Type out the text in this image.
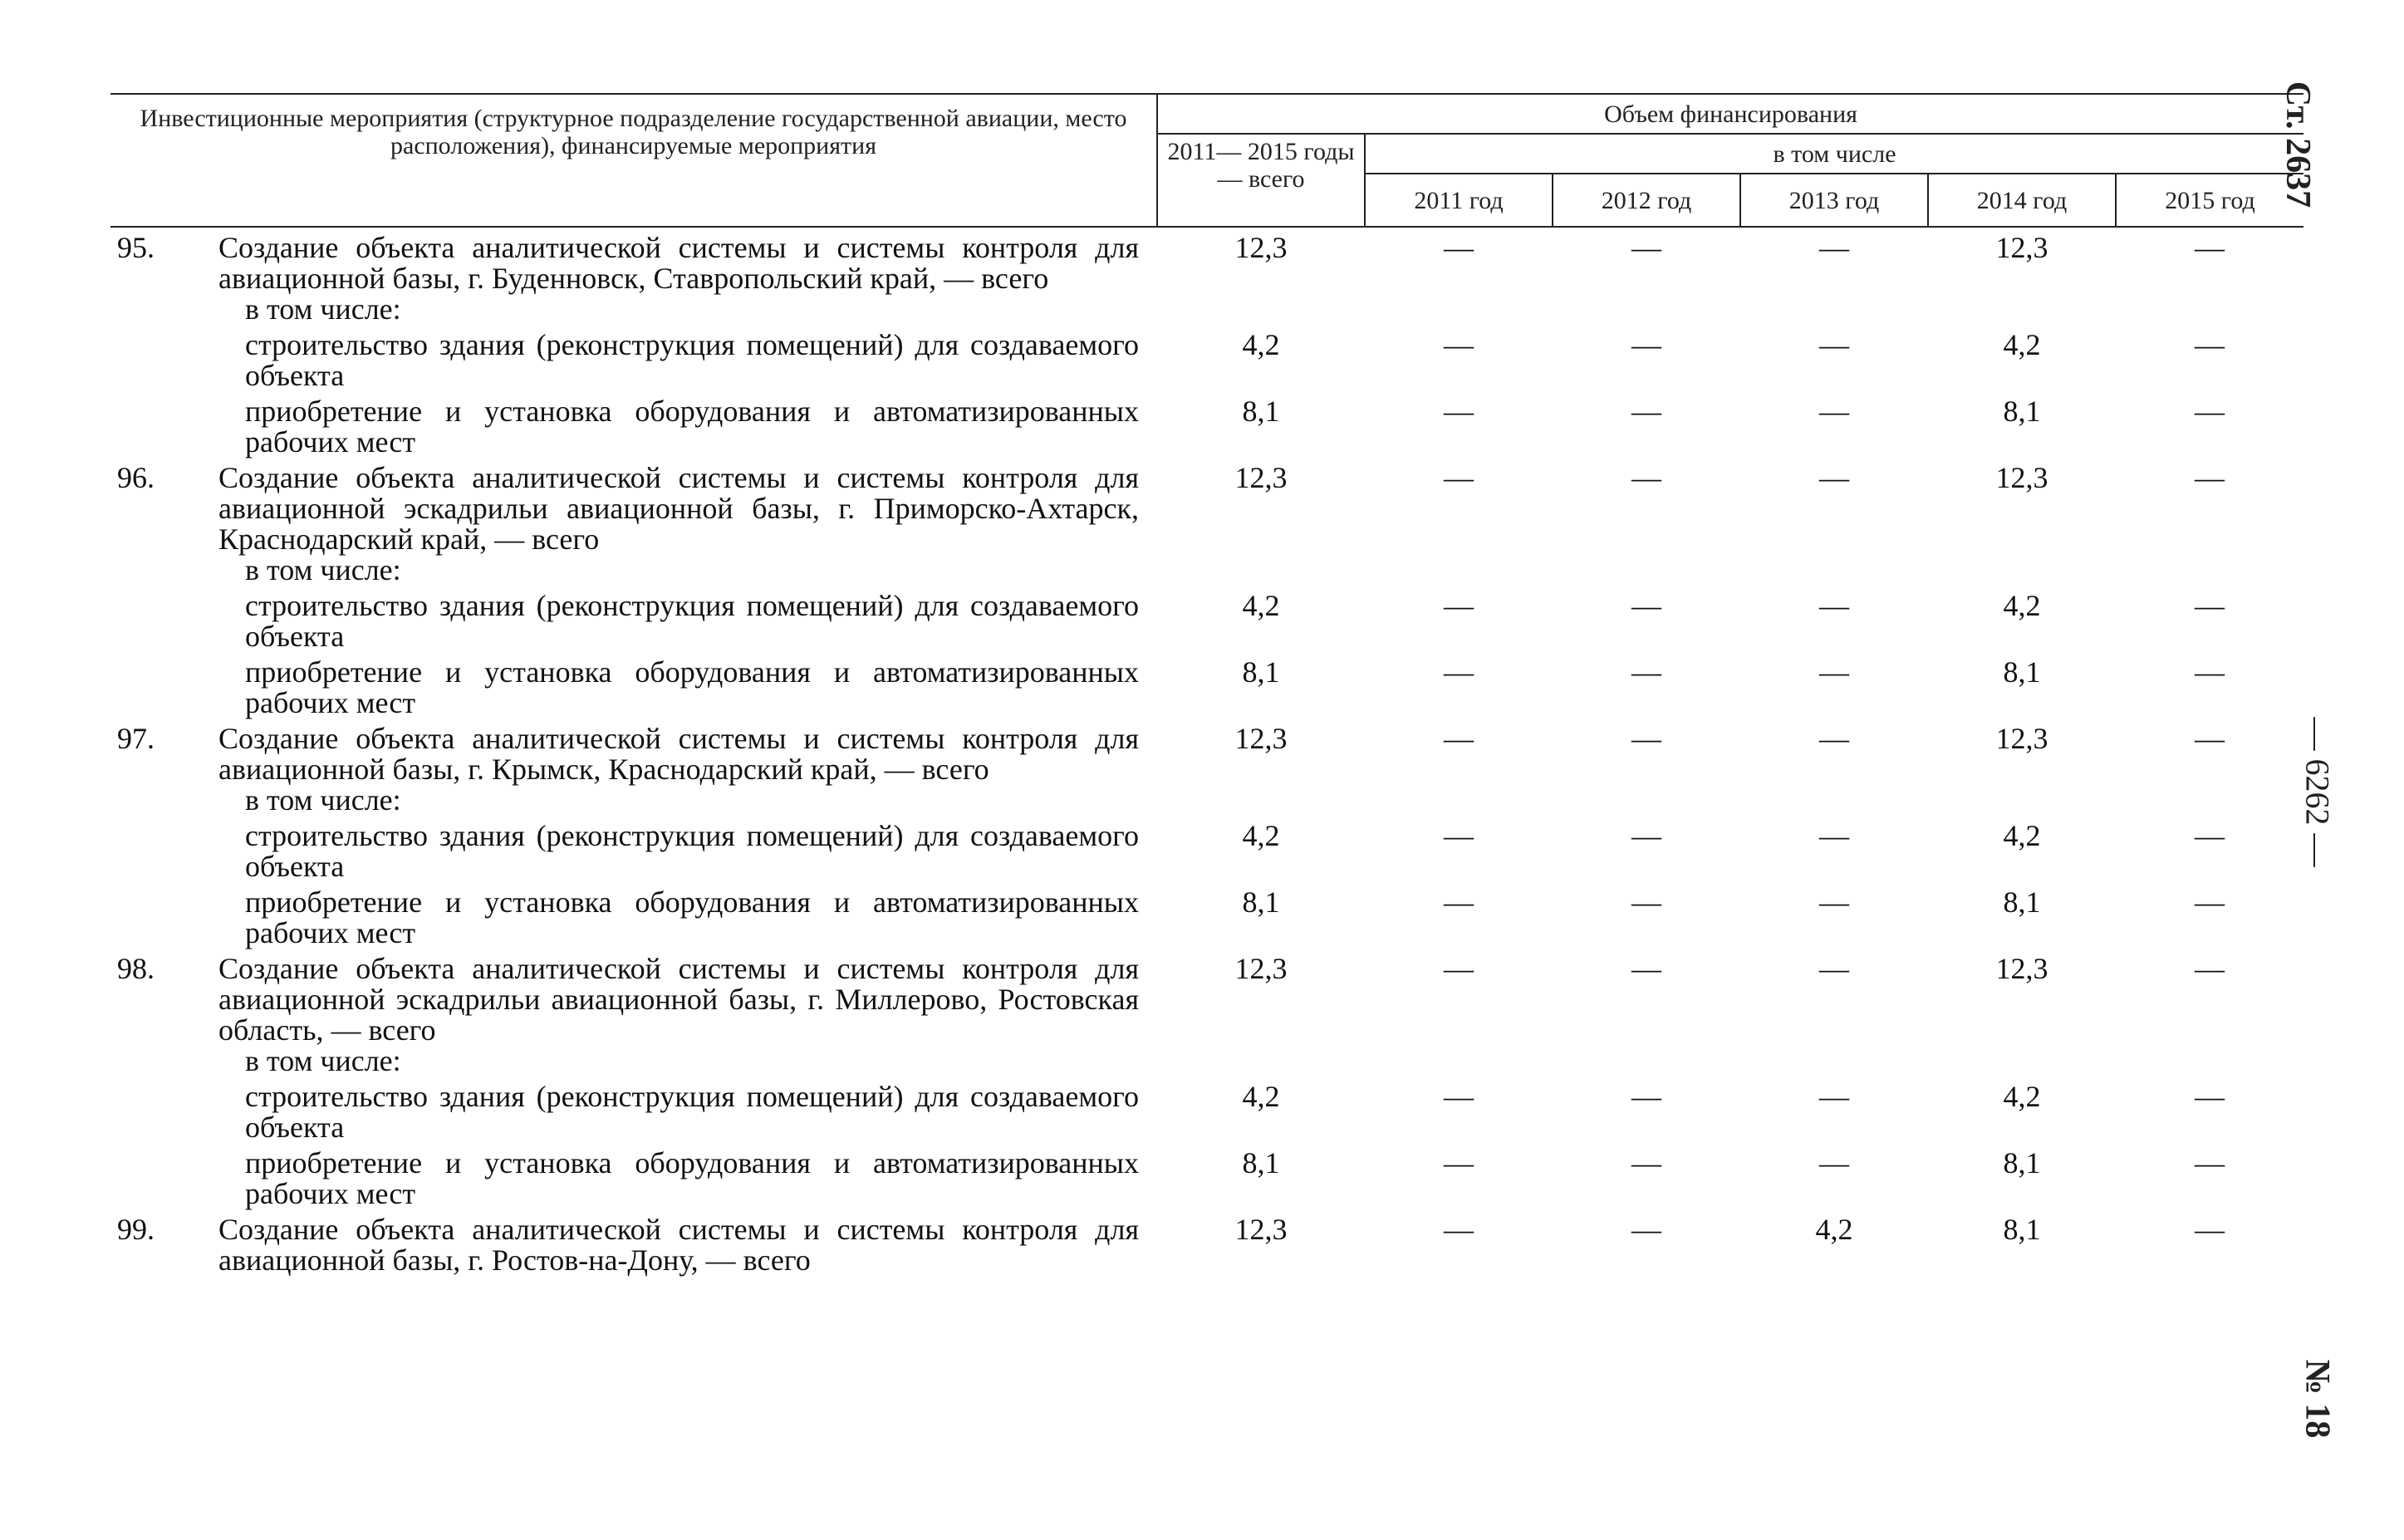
Ст. 2637
— 6262 —
№ 18
Инвестиционные мероприятия (структурное подразделение государственной авиации, место расположения), финансируемые мероприятия		Объем финансирования					
		2011— 2015 годы — всего	в том числе				
			2011 год	2012 год	2013 год	2014 год	2015 год
95.	Создание объекта аналитической системы и системы контроля для авиационной базы, г. Буденновск, Ставропольский край, — всего	12,3	—	—	—	12,3	—
	в том числе:						
	строительство здания (реконструкция помещений) для создаваемого объекта	4,2	—	—	—	4,2	—
	приобретение и установка оборудования и автоматизированных рабочих мест	8,1	—	—	—	8,1	—
96.	Создание объекта аналитической системы и системы контроля для авиационной эскадрильи авиационной базы, г. Приморско-Ахтарск, Краснодарский край, — всего	12,3	—	—	—	12,3	—
	в том числе:						
	строительство здания (реконструкция помещений) для создаваемого объекта	4,2	—	—	—	4,2	—
	приобретение и установка оборудования и автоматизированных рабочих мест	8,1	—	—	—	8,1	—
97.	Создание объекта аналитической системы и системы контроля для авиационной базы, г. Крымск, Краснодарский край, — всего	12,3	—	—	—	12,3	—
	в том числе:						
	строительство здания (реконструкция помещений) для создаваемого объекта	4,2	—	—	—	4,2	—
	приобретение и установка оборудования и автоматизированных рабочих мест	8,1	—	—	—	8,1	—
98.	Создание объекта аналитической системы и системы контроля для авиационной эскадрильи авиационной базы, г. Миллерово, Ростовская область, — всего	12,3	—	—	—	12,3	—
	в том числе:						
	строительство здания (реконструкция помещений) для создаваемого объекта	4,2	—	—	—	4,2	—
	приобретение и установка оборудования и автоматизированных рабочих мест	8,1	—	—	—	8,1	—
99.	Создание объекта аналитической системы и системы контроля для авиационной базы, г. Ростов-на-Дону, — всего	12,3	—	—	4,2	8,1	—
